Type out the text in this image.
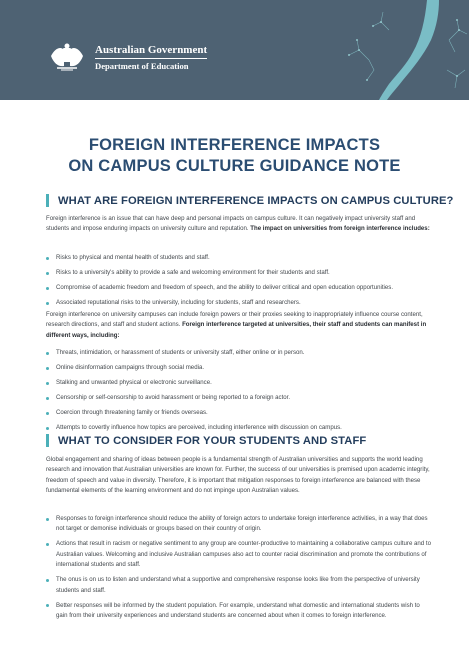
Australian Government
Department of Education
FOREIGN INTERFERENCE IMPACTS
ON CAMPUS CULTURE GUIDANCE NOTE
WHAT ARE FOREIGN INTERFERENCE IMPACTS ON CAMPUS CULTURE?

Foreign interference is an issue that can have deep and personal impacts on campus culture. It can negatively impact university staff and students and impose enduring impacts on university culture and reputation. The impact on universities from foreign interference includes:

Risks to physical and mental health of students and staff.
Risks to a university's ability to provide a safe and welcoming environment for their students and staff.
Compromise of academic freedom and freedom of speech, and the ability to deliver critical and open education opportunities.
Associated reputational risks to the university, including for students, staff and researchers.

Foreign interference on university campuses can include foreign powers or their proxies seeking to inappropriately influence course content, research directions, and staff and student actions. Foreign interference targeted at universities, their staff and students can manifest in different ways, including:

Threats, intimidation, or harassment of students or university staff, either online or in person.
Online disinformation campaigns through social media.
Stalking and unwanted physical or electronic surveillance.
Censorship or self-censorship to avoid harassment or being reported to a foreign actor.
Coercion through threatening family or friends overseas.
Attempts to covertly influence how topics are perceived, including interference with discussion on campus.
WHAT TO CONSIDER FOR YOUR STUDENTS AND STAFF

Global engagement and sharing of ideas between people is a fundamental strength of Australian universities and supports the world leading research and innovation that Australian universities are known for. Further, the success of our universities is premised upon academic integrity, freedom of speech and value in diversity. Therefore, it is important that mitigation responses to foreign interference are balanced with these fundamental elements of the learning environment and do not impinge upon Australian values.

Responses to foreign interference should reduce the ability of foreign actors to undertake foreign interference activities, in a way that does not target or demonise individuals or groups based on their country of origin.
Actions that result in racism or negative sentiment to any group are counter-productive to maintaining a collaborative campus culture and to Australian values. Welcoming and inclusive Australian campuses also act to counter racial discrimination and promote the contributions of international students and staff.
The onus is on us to listen and understand what a supportive and comprehensive response looks like from the perspective of university students and staff.
Better responses will be informed by the student population. For example, understand what domestic and international students wish to gain from their university experiences and understand students are concerned about when it comes to foreign interference.
